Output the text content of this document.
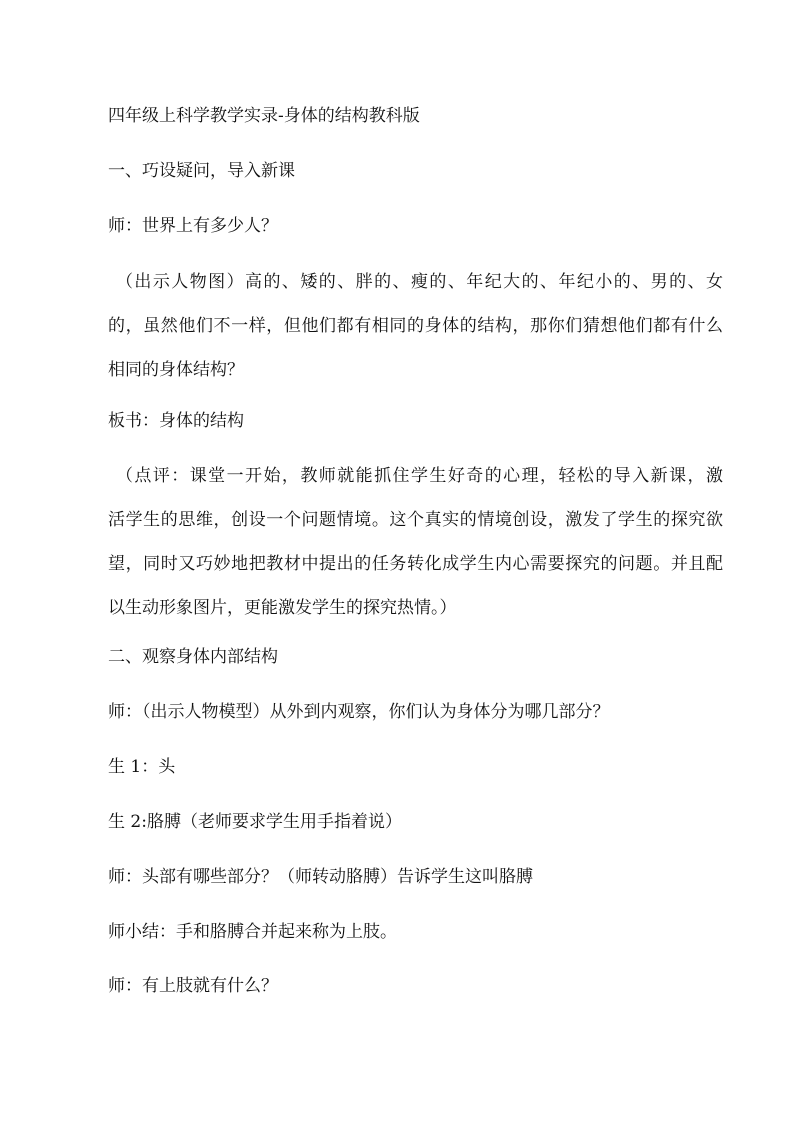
四年级上科学教学实录-身体的结构教科版

一、巧设疑问，导入新课

师：世界上有多少人？

（出示人物图）高的、矮的、胖的、瘦的、年纪大的、年纪小的、男的、女
的，虽然他们不一样，但他们都有相同的身体的结构，那你们猜想他们都有什么
相同的身体结构？

板书：身体的结构

（点评：课堂一开始，教师就能抓住学生好奇的心理，轻松的导入新课，激
活学生的思维，创设一个问题情境。这个真实的情境创设，激发了学生的探究欲
望，同时又巧妙地把教材中提出的任务转化成学生内心需要探究的问题。并且配
以生动形象图片，更能激发学生的探究热情。）

二、观察身体内部结构

师：（出示人物模型）从外到内观察，你们认为身体分为哪几部分？

生 1：头

生 2:胳膊（老师要求学生用手指着说）

师：头部有哪些部分？（师转动胳膊）告诉学生这叫胳膊

师小结：手和胳膊合并起来称为上肢。

师：有上肢就有什么？
